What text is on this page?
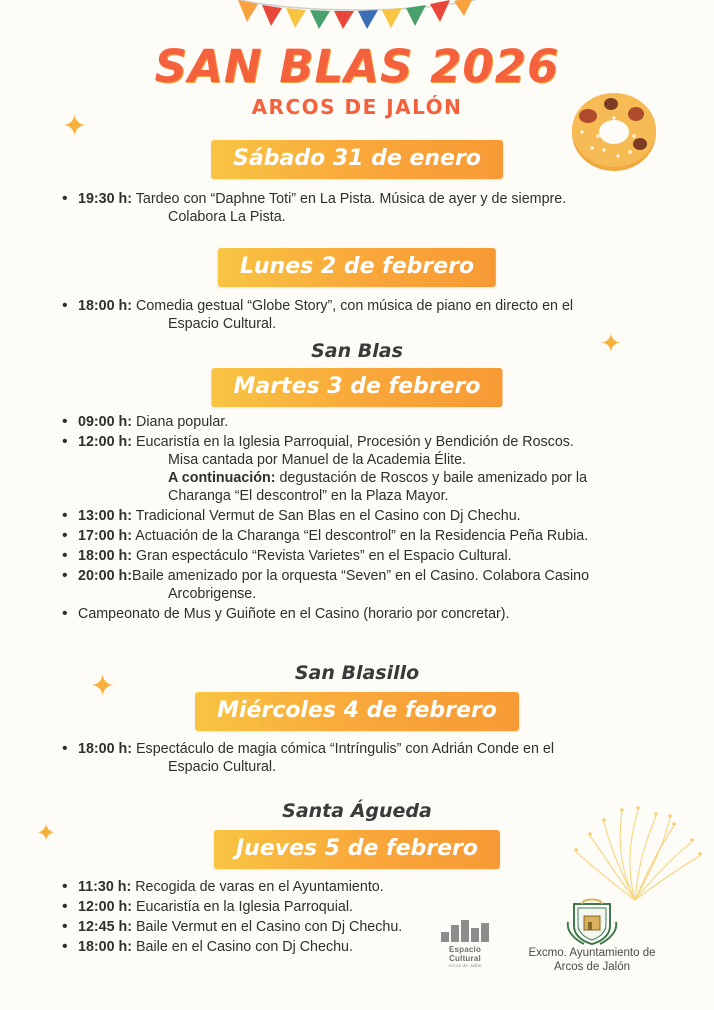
SAN BLAS 2026
ARCOS DE JALÓN
✦
✦
✦
✦
Sábado 31 de enero
• 19:30 h: Tardeo con “Daphne Toti” en La Pista. Música de ayer y de siempre.
Colabora La Pista.
Lunes 2 de febrero
• 18:00 h: Comedia gestual “Globe Story”, con música de piano en directo en el
Espacio Cultural.
San Blas
Martes 3 de febrero
• 09:00 h: Diana popular.
• 12:00 h: Eucaristía en la Iglesia Parroquial, Procesión y Bendición de Roscos.
Misa cantada por Manuel de la Academia Élite.
A continuación: degustación de Roscos y baile amenizado por la
Charanga “El descontrol” en la Plaza Mayor.
• 13:00 h: Tradicional Vermut de San Blas en el Casino con Dj Chechu.
• 17:00 h: Actuación de la Charanga “El descontrol” en la Residencia Peña Rubia.
• 18:00 h: Gran espectáculo “Revista Varietes” en el Espacio Cultural.
• 20:00 h:Baile amenizado por la orquesta “Seven” en el Casino. Colabora Casino
Arcobrigense.
• Campeonato de Mus y Guiñote en el Casino (horario por concretar).
San Blasillo
Miércoles 4 de febrero
• 18:00 h: Espectáculo de magia cómica “Intríngulis” con Adrián Conde en el
Espacio Cultural.
Santa Águeda
Jueves 5 de febrero
• 11:30 h: Recogida de varas en el Ayuntamiento.
• 12:00 h: Eucaristía en la Iglesia Parroquial.
• 12:45 h: Baile Vermut en el Casino con Dj Chechu.
• 18:00 h: Baile en el Casino con Dj Chechu.	Espacio Cultural
Arcos de Jalón
Excmo. Ayuntamiento de
Arcos de Jalón
